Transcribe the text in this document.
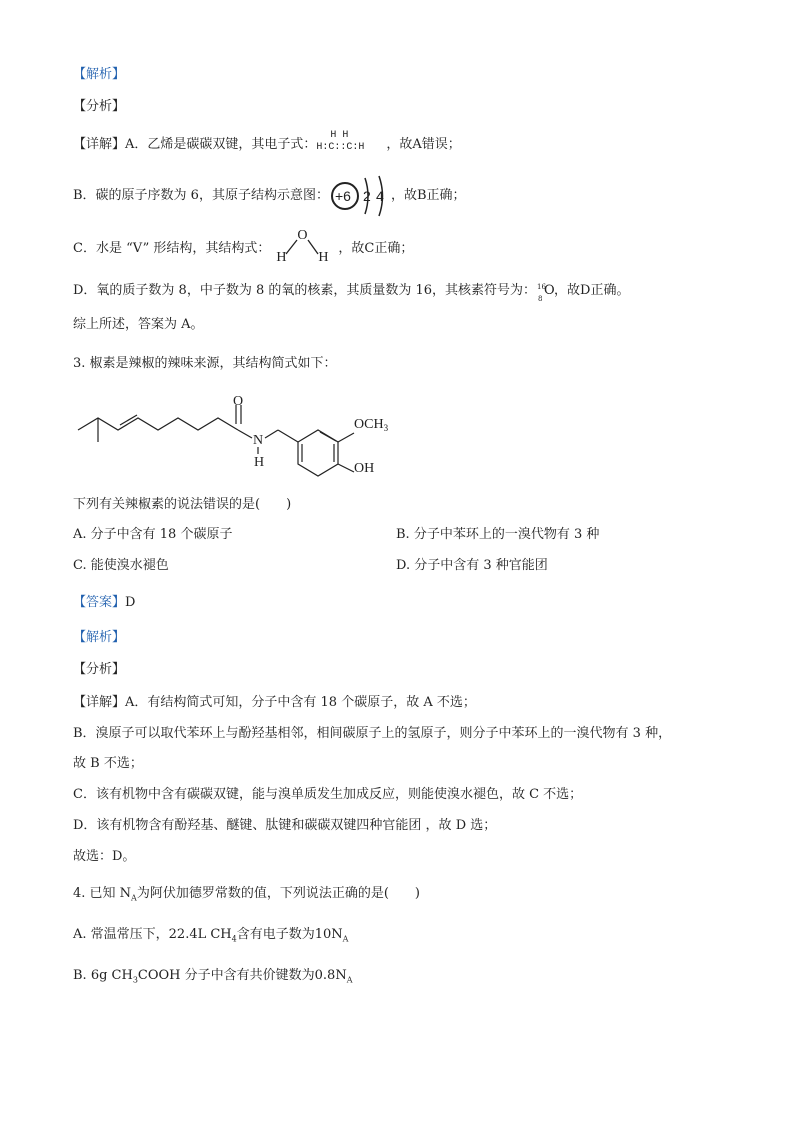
【解析】
【分析】
【详解】A．乙烯是碳碳双键，其电子式：
H H
H:C::C:H ，故A错误；
B．碳的原子序数为 6，其原子结构示意图： +6 2 4 ，故B正确；
C．水是 “V” 形结构，其结构式：
O
H H
，故C正确；
D．氧的质子数为 8，中子数为 8 的氧的核素，其质量数为 16，其核素符号为： 16
8
O ，故D正确。
综上所述，答案为 A。
3. 椒素是辣椒的辣味来源，其结构简式如下：
O
N
H
$OCH_3$
OH
下列有关辣椒素的说法错误的是(　　)
A. 分子中含有 18 个碳原子	B. 分子中苯环上的一溴代物有 3 种
C. 能使溴水褪色	D. 分子中含有 3 种官能团
【答案】D
【解析】
【分析】
【详解】A．有结构简式可知，分子中含有 18 个碳原子，故 A 不选；
B．溴原子可以取代苯环上与酚羟基相邻，相间碳原子上的氢原子，则分子中苯环上的一溴代物有 3 种，
故 B 不选；
C．该有机物中含有碳碳双键，能与溴单质发生加成反应，则能使溴水褪色，故 C 不选；
D．该有机物含有酚羟基、醚键、肽键和碳碳双键四种官能团 ，故 D 选；
故选：D。
4. 已知 $N_A$为阿伏加德罗常数的值，下列说法正确的是(　　)
A. 常温常压下，22.4L $CH_4$含有电子数为$10N_A$
B. 6g $CH_3COOH$ 分子中含有共价键数为$0.8N_A$
